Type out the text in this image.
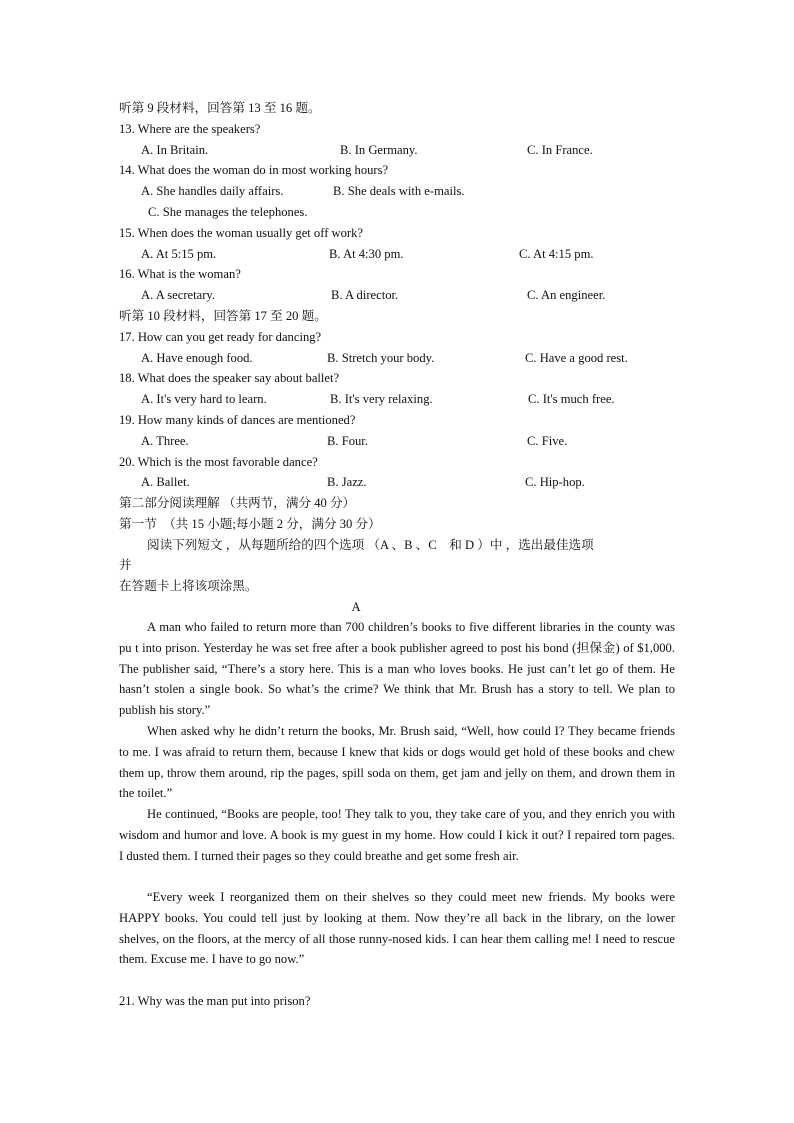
听第 9 段材料，回答第 13 至 16 题。
13. Where are the speakers?
A. In Britain.	B. In Germany.	C. In France.
14. What does the woman do in most working hours?
A. She handles daily affairs.	B. She deals with e-mails.
C. She manages the telephones.
15. When does the woman usually get off work?
A. At 5:15 pm.	B. At 4:30 pm.	C. At 4:15 pm.
16. What is the woman?
A. A secretary.	B. A director.	C. An engineer.
听第 10 段材料，回答第 17 至 20 题。
17. How can you get ready for dancing?
A. Have enough food.	B. Stretch your body.	C. Have a good rest.
18. What does the speaker say about ballet?
A. It's very hard to learn.	B. It's very relaxing.	C. It's much free.
19. How many kinds of dances are mentioned?
A. Three.	B. Four.	C. Five.
20. Which is the most favorable dance?
A. Ballet.	B. Jazz.	C. Hip-hop.
第二部分阅读理解 （共两节，满分 40 分）
第一节　（共 15 小题;每小题 2 分，满分 30 分）
阅读下列短文 ，从每题所给的四个选项 （A 、B 、C　和 D ）中 ，选出最佳选项
并
在答题卡上将该项涂黑。
A
A man who failed to return more than 700 children’s books to five different libraries in the county was pu t into prison. Yesterday he was set free after a book publisher agreed to post his bond (担保金) of $1,000. The publisher said, “There’s a story here. This is a man who loves books. He just can’t let go of them. He hasn’t stolen a single book. So what’s the crime? We think that Mr. Brush has a story to tell. We plan to publish his story.”
When asked why he didn’t return the books, Mr. Brush said, “Well, how could I? They became friends to me. I was afraid to return them, because I knew that kids or dogs would get hold of these books and chew them up, throw them around, rip the pages, spill soda on them, get jam and jelly on them, and drown them in the toilet.”
He continued, “Books are people, too! They talk to you, they take care of you, and they enrich you with wisdom and humor and love. A book is my guest in my home. How could I kick it out? I repaired torn pages. I dusted them. I turned their pages so they could breathe and get some fresh air.
“Every week I reorganized them on their shelves so they could meet new friends. My books were HAPPY books. You could tell just by looking at them. Now they’re all back in the library, on the lower shelves, on the floors, at the mercy of all those runny-nosed kids. I can hear them calling me! I need to rescue them. Excuse me. I have to go now.”
21. Why was the man put into prison?
